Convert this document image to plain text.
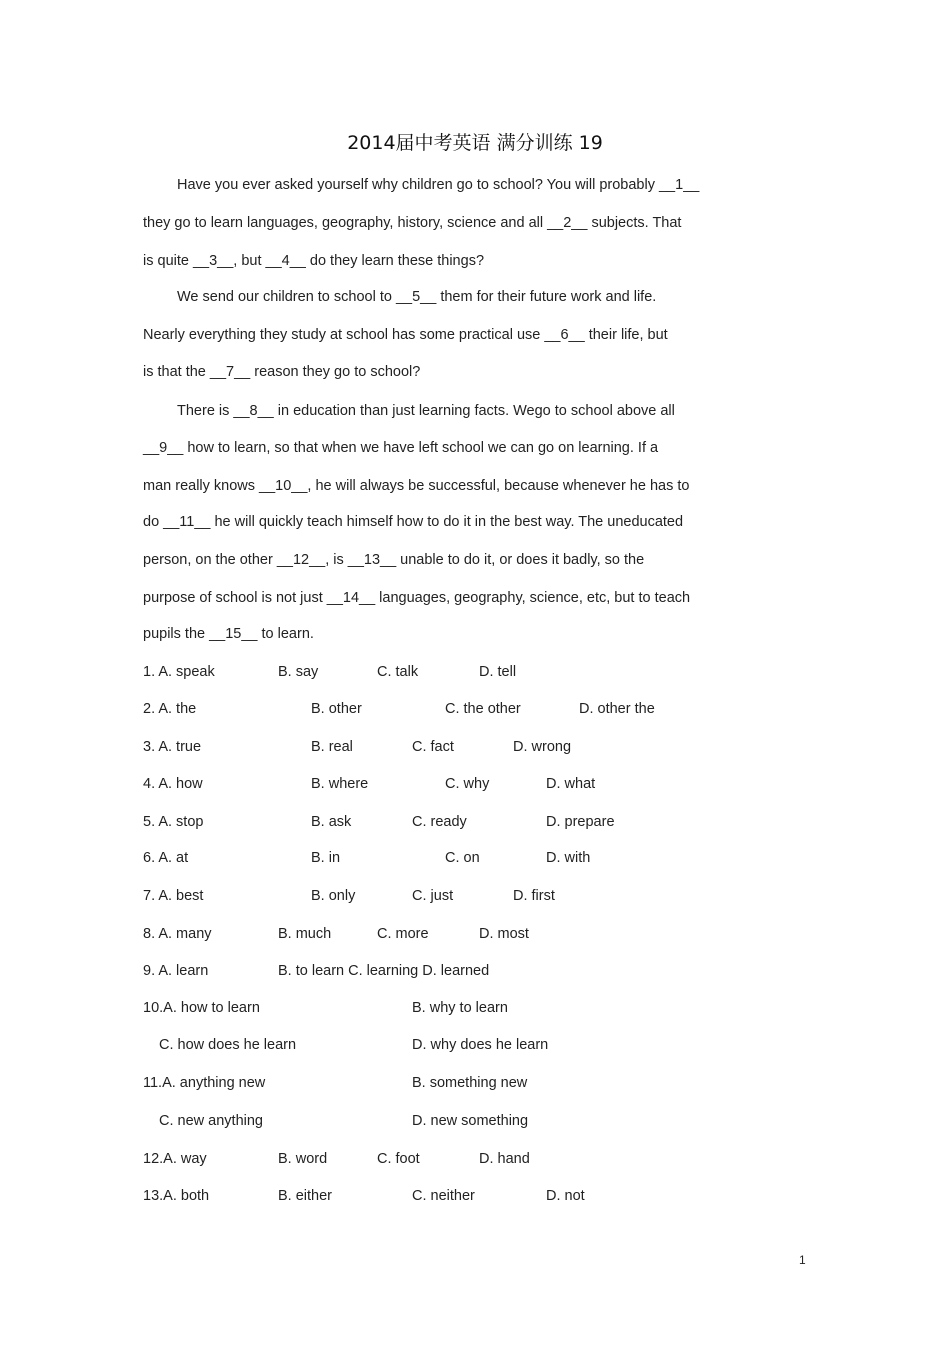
2014届中考英语 满分训练 19
Have you ever asked yourself why children go to school? You will probably __1__
they go to learn languages, geography, history, science and all __2__ subjects. That
is quite __3__, but __4__ do they learn these things?
We send our children to school to __5__ them for their future work and life.
Nearly everything they study at school has some practical use __6__ their life, but
is that the __7__ reason they go to school?
There is __8__ in education than just learning facts. Wego to school above all
__9__ how to learn, so that when we have left school we can go on learning. If a
man really knows __10__, he will always be successful, because whenever he has to
do __11__ he will quickly teach himself how to do it in the best way. The uneducated
person, on the other __12__, is __13__ unable to do it, or does it badly, so the
purpose of school is not just __14__ languages, geography, science, etc, but to teach
pupils the __15__ to learn.
1. A. speak	B. say	C. talk	D. tell
2. A. the	B. other	C. the other	D. other the
3. A. true	B. real	C. fact	D. wrong
4. A. how	B. where	C. why	D. what
5. A. stop	B. ask	C. ready	D. prepare
6. A. at	B. in	C. on	D. with
7. A. best	B. only	C. just	D. first
8. A. many	B. much	C. more	D. most
9. A. learn	B. to learn C. learning D. learned
10.A. how to learn	B. why to learn
C. how does he learn	D. why does he learn
11.A. anything new	B. something new
C. new anything	D. new something
12.A. way	B. word	C. foot	D. hand
13.A. both	B. either	C. neither	D. not
1
